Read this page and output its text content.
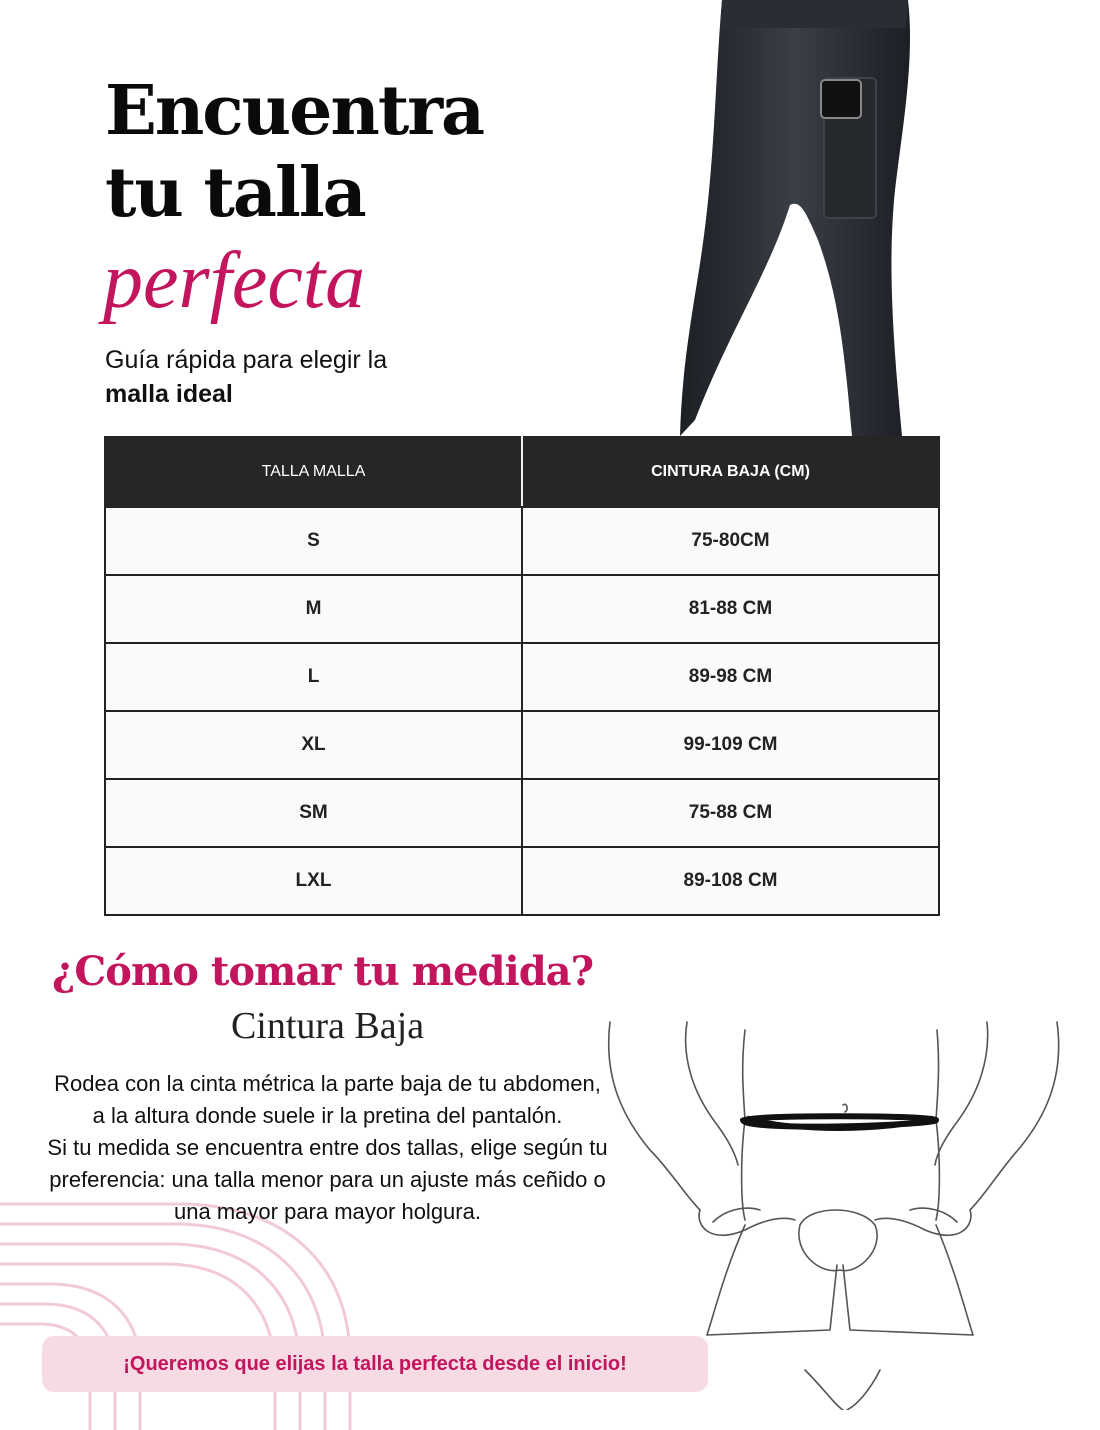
Encuentra
tu talla
perfecta
Guía rápida para elegir la
malla ideal
TALLA MALLA	CINTURA BAJA (CM)
S	75-80CM
M	81-88 CM
L	89-98 CM
XL	99-109 CM
SM	75-88 CM
LXL	89-108 CM
¿Cómo tomar tu medida?
Cintura Baja

Rodea con la cinta métrica la parte baja de tu abdomen, a la altura donde suele ir la pretina del pantalón.

Si tu medida se encuentra entre dos tallas, elige según tu preferencia: una talla menor para un ajuste más ceñido o una mayor para mayor holgura.

¡Queremos que elijas la talla perfecta desde el inicio!
